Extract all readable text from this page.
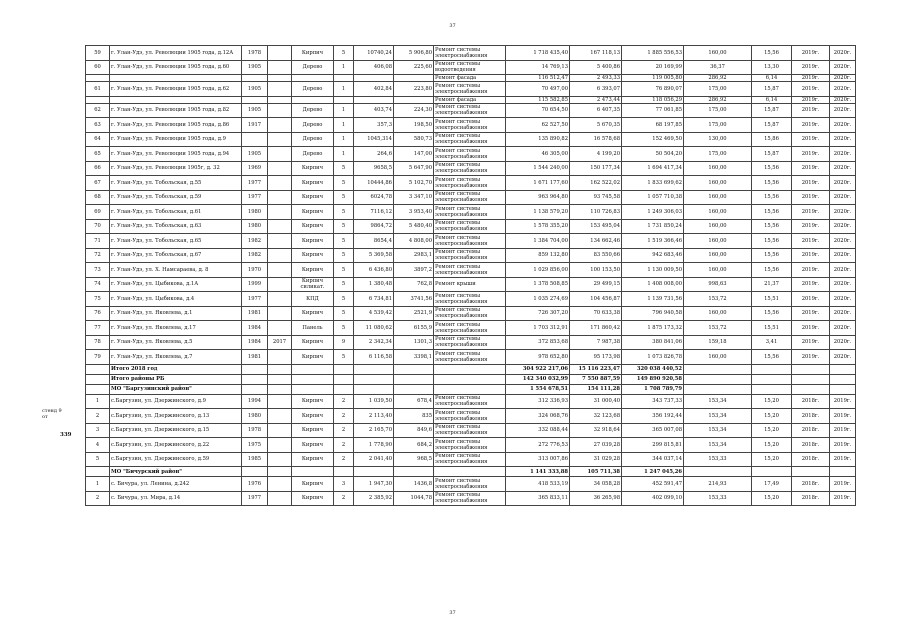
37
стенд 9 от
339
59	г. Улан-Удэ, ул. Революции 1905 года, д.12А	1978		Кирпич	5	10740,24	5 906,80	Ремонт системы электроснабжения	1 718 435,40	167 118,13	1 885 556,53	160,00	15,56	2019г.	2020г.
60	г. Улан-Удэ, ул. Революции 1905 года, д.60	1905		Дерево	1	406,08	225,60	Ремонт системы водоотведения	14 769,13	5 400,86	20 169,99	36,37	13,30	2019г.	2020г.
								Ремонт фасада	116 512,47	2 493,33	119 005,80	286,92	6,14	2019г.	2020г.
61	г. Улан-Удэ, ул. Революции 1905 года, д.62	1905		Дерево	1	402,84	223,80	Ремонт системы электроснабжения	70 497,00	6 393,07	76 890,07	175,00	15,87	2019г.	2020г.
								Ремонт фасада	115 582,85	2 473,44	118 056,29	286,92	6,14	2019г.	2020г.
62	г. Улан-Удэ, ул. Революции 1905 года, д.82	1905		Дерево	1	403,74	224,30	Ремонт системы электроснабжения	70 654,50	6 407,35	77 061,85	175,00	15,87	2019г.	2020г.
63	г. Улан-Удэ, ул. Революции 1905 года, д.86	1917		Дерево	1	357,3	198,50	Ремонт системы электроснабжения	62 527,50	5 670,35	68 197,85	175,00	15,87	2019г.	2020г.
64	г. Улан-Удэ, ул. Революции 1905 года, д.9			Дерево	1	1045,314	580,73	Ремонт системы электроснабжения	135 890,82	16 578,68	152 469,50	130,00	15,86	2019г.	2020г.
65	г. Улан-Удэ, ул. Революции 1905 года, д.94	1905		Дерево	1	264,6	147,00	Ремонт системы электроснабжения	46 305,00	4 199,20	50 504,20	175,00	15,87	2019г.	2020г.
66	г. Улан-Удэ, ул. Революции 1905г, д. 32	1969		Кирпич	5	9658,5	5 647,90	Ремонт системы электроснабжения	1 544 240,00	150 177,34	1 694 417,34	160,00	15,56	2019г.	2020г.
67	г. Улан-Удэ, ул. Тобольская, д.55	1977		Кирпич	5	10444,86	5 102,70	Ремонт системы электроснабжения	1 671 177,60	162 522,02	1 833 699,62	160,00	15,56	2019г.	2020г.
68	г. Улан-Удэ, ул. Тобольская, д.59	1977		Кирпич	5	6024,78	3 347,10	Ремонт системы электроснабжения	963 964,80	93 745,58	1 057 710,38	160,00	15,56	2019г.	2020г.
69	г. Улан-Удэ, ул. Тобольская, д.61	1980		Кирпич	5	7116,12	3 953,40	Ремонт системы электроснабжения	1 138 579,20	110 726,83	1 249 306,03	160,00	15,56	2019г.	2020г.
70	г. Улан-Удэ, ул. Тобольская, д.63	1980		Кирпич	5	9864,72	5 480,40	Ремонт системы электроснабжения	1 578 355,20	153 495,04	1 731 850,24	160,00	15,56	2019г.	2020г.
71	г. Улан-Удэ, ул. Тобольская, д.65	1982		Кирпич	5	8654,4	4 808,00	Ремонт системы электроснабжения	1 384 704,00	134 662,46	1 519 366,46	160,00	15,56	2019г.	2020г.
72	г. Улан-Удэ, ул. Тобольская, д.67	1982		Кирпич	5	5 369,58	2983,1	Ремонт системы электроснабжения	859 132,80	83 550,66	942 683,46	160,00	15,56	2019г.	2020г.
73	г. Улан-Удэ, ул. Х. Намсараева, д. 8	1970		Кирпич	5	6 436,80	3897,2	Ремонт системы электроснабжения	1 029 856,00	100 153,50	1 130 009,50	160,00	15,56	2019г.	2020г.
74	г. Улан-Удэ, ул. Цыбикова, д.1А	1999		Кирпич силикат.	5	1 380,48	762,8	Ремонт крыши	1 378 508,85	29 499,15	1 408 008,00	998,63	21,37	2019г.	2020г.
75	г. Улан-Удэ, ул. Цыбикова, д.4	1977		КПД	5	6 734,81	3741,56	Ремонт системы электроснабжения	1 035 274,69	104 456,87	1 139 731,56	153,72	15,51	2019г.	2020г.
76	г. Улан-Удэ, ул. Яковлева, д.1	1981		Кирпич	5	4 539,42	2521,9	Ремонт системы электроснабжения	726 307,20	70 633,38	796 940,58	160,00	15,56	2019г.	2020г.
77	г. Улан-Удэ, ул. Яковлева, д.17	1984		Панель	5	11 080,62	6155,9	Ремонт системы электроснабжения	1 703 312,91	171 860,42	1 875 173,32	153,72	15,51	2019г.	2020г.
78	г. Улан-Удэ, ул. Яковлева, д.5	1984	2017	Кирпич	9	2 342,34	1301,3	Ремонт системы электроснабжения	372 853,68	7 987,38	380 841,06	159,18	3,41	2019г.	2020г.
79	г. Улан-Удэ, ул. Яковлева, д.7	1981		Кирпич	5	6 116,58	3398,1	Ремонт системы электроснабжения	978 652,80	95 173,98	1 073 826,78	160,00	15,56	2019г.	2020г.
	Итого 2018 год								304 922 217,06	15 116 223,47	320 038 440,52				
	Итого районы РБ								142 340 032,99	7 550 887,59	149 890 920,58				
	МО "Баргузинский район"								1 554 678,51	154 111,28	1 708 789,79				
1	с.Баргузин, ул. Дзержинского, д.9	1994		Кирпич	2	1 039,50	678,4	Ремонт системы электроснабжения	312 336,93	31 000,40	343 737,33	153,34	15,20	2018г.	2019г.
2	с.Баргузин, ул. Дзержинского, д.13	1980		Кирпич	2	2 113,40	835	Ремонт системы электроснабжения	324 068,76	32 123,68	356 192,44	153,34	15,20	2018г.	2019г.
3	с.Баргузин, ул. Дзержинского, д.15	1978		Кирпич	2	2 165,70	849,6	Ремонт системы электроснабжения	332 088,44	32 918,64	365 007,08	153,34	15,20	2018г.	2019г.
4	с.Баргузин, ул. Дзержинского, д.22	1975		Кирпич	2	1 778,90	684,2	Ремонт системы электроснабжения	272 776,53	27 039,28	299 815,81	153,34	15,20	2018г.	2019г.
5	с.Баргузин, ул. Дзержинского, д.59	1985		Кирпич	2	2 041,40	968,5	Ремонт системы электроснабжения	313 007,86	31 029,28	344 037,14	153,33	15,20	2018г.	2019г.
	МО "Бичурский район"								1 141 333,88	105 711,38	1 247 045,26				
1	с. Бичура, ул. Ленина, д.242	1976		Кирпич	3	1 947,30	1436,8	Ремонт системы электроснабжения	418 533,19	34 058,28	452 591,47	214,93	17,49	2018г.	2019г.
2	с. Бичура, ул. Мира, д.14	1977		Кирпич	2	2 385,92	1044,78	Ремонт системы электроснабжения	365 833,11	36 265,98	402 099,10	153,33	15,20	2018г.	2019г.
37
